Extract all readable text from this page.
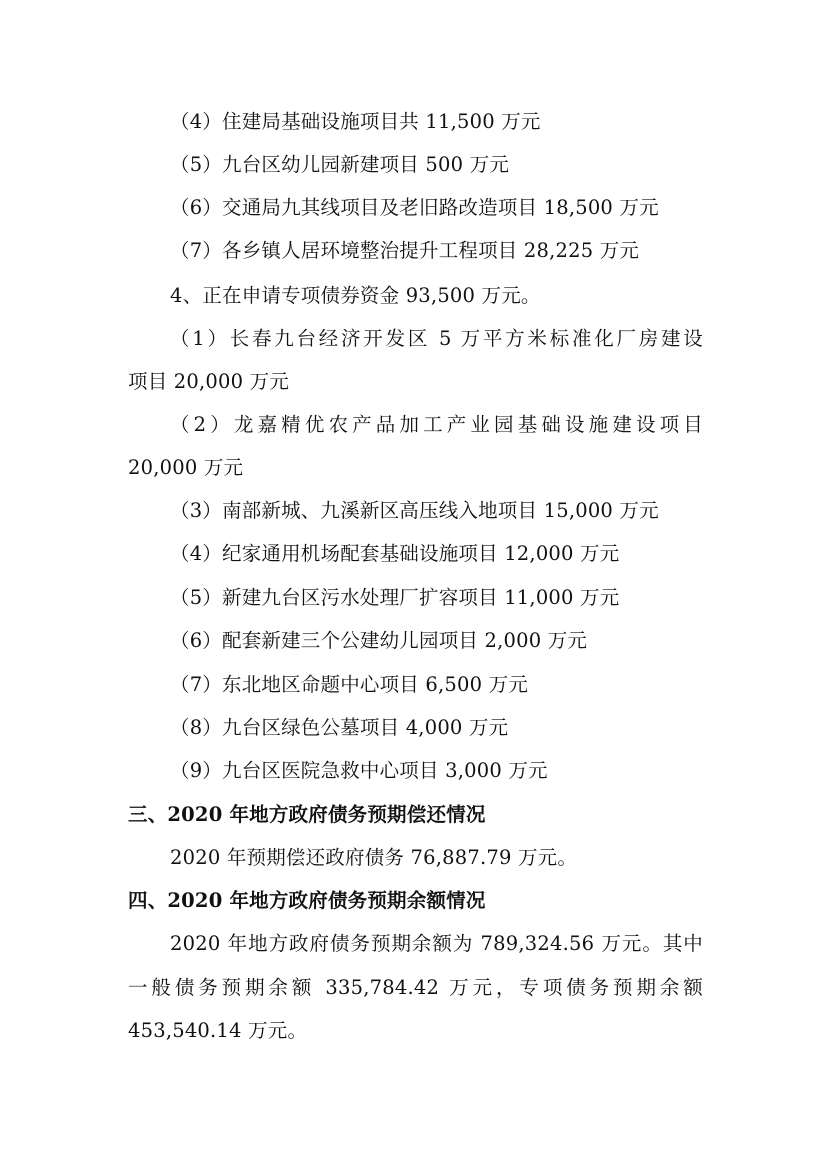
（4）住建局基础设施项目共 11,500 万元
（5）九台区幼儿园新建项目 500 万元
（6）交通局九其线项目及老旧路改造项目 18,500 万元
（7）各乡镇人居环境整治提升工程项目 28,225 万元
4、正在申请专项债券资金 93,500 万元。
（1）长春九台经济开发区 5 万平方米标准化厂房建设
项目 20,000 万元
（2）龙嘉精优农产品加工产业园基础设施建设项目
20,000 万元
（3）南部新城、九溪新区高压线入地项目 15,000 万元
（4）纪家通用机场配套基础设施项目 12,000 万元
（5）新建九台区污水处理厂扩容项目 11,000 万元
（6）配套新建三个公建幼儿园项目 2,000 万元
（7）东北地区命题中心项目 6,500 万元
（8）九台区绿色公墓项目 4,000 万元
（9）九台区医院急救中心项目 3,000 万元
三、2020 年地方政府债务预期偿还情况
2020 年预期偿还政府债务 76,887.79 万元。
四、2020 年地方政府债务预期余额情况
2020 年地方政府债务预期余额为 789,324.56 万元。其中
一般债务预期余额 335,784.42 万元，专项债务预期余额
453,540.14 万元。
